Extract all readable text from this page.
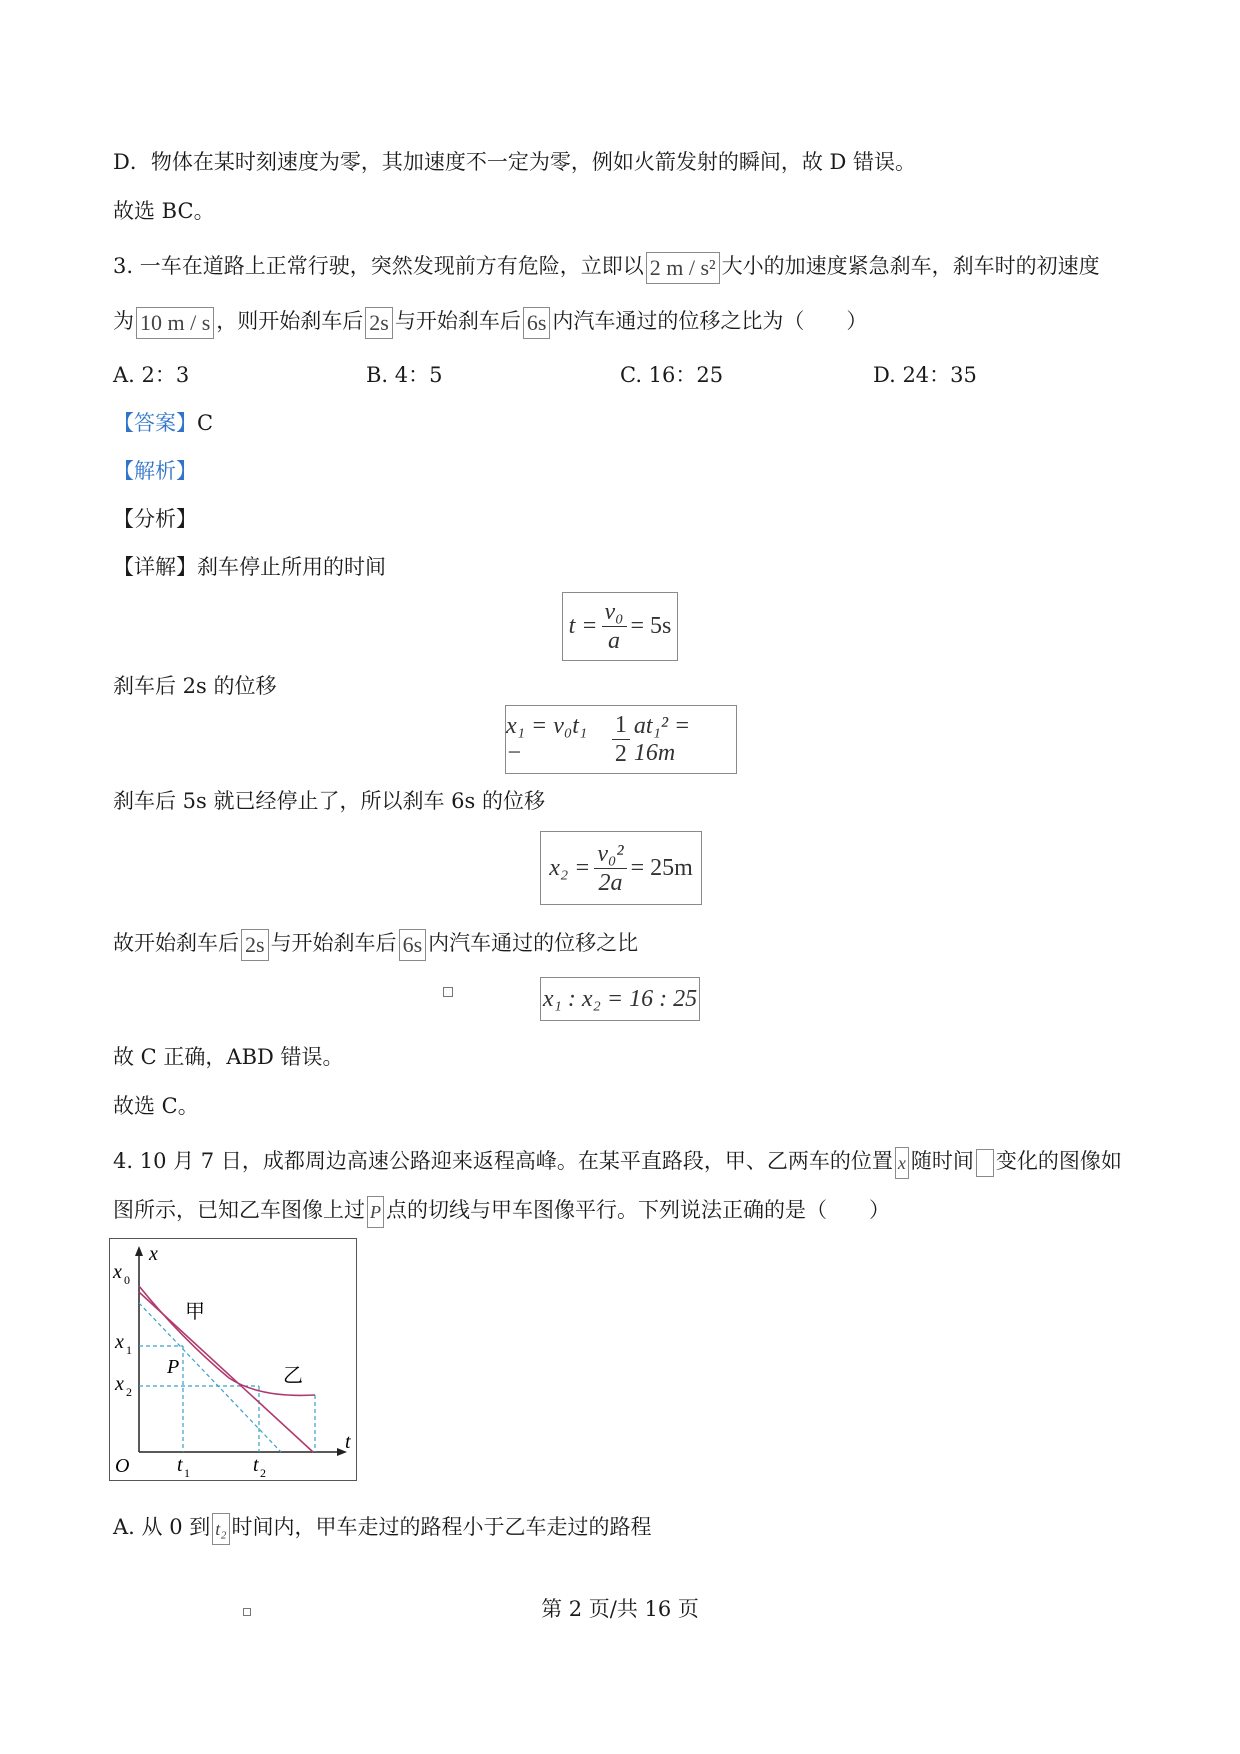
D．物体在某时刻速度为零，其加速度不一定为零，例如火箭发射的瞬间，故 D 错误。
故选 BC。
3. 一车在道路上正常行驶，突然发现前方有危险，立即以 2 m / s² 大小的加速度紧急刹车，刹车时的初速度
为 10 m / s ，则开始刹车后 2s 与开始刹车后 6s 内汽车通过的位移之比为（　　）
A. 2：3	B. 4：5	C. 16：25	D. 24：35
【答案】C
【解析】
【分析】
【详解】刹车停止所用的时间
$t = \frac{\text{v₀}}{a} = 5s$
刹车后 2s 的位移
x₁ = v₀t₁ −	$\frac{1}{2} at_1^2 = 16m$
刹车后 5s 就已经停止了，所以刹车 6s 的位移
$x_2 = \frac{\text{v₀²}}{2a} = 25m$
故开始刹车后 2s 与开始刹车后 6s 内汽车通过的位移之比
x₁ : x₂ = 16 : 25
故 C 正确，ABD 错误。
故选 C。
4. 10 月 7 日，成都周边高速公路迎来返程高峰。在某平直路段，甲、乙两车的位置 x 随时间 变化的图像如
图所示，已知乙车图像上过 P 点的切线与甲车图像平行。下列说法正确的是（　　）
x
t
O
x 0
x 1
x 2
t 1	t 2
甲
乙
P
A. 从 0 到 t₂ 时间内，甲车走过的路程小于乙车走过的路程
第 2 页/共 16 页
